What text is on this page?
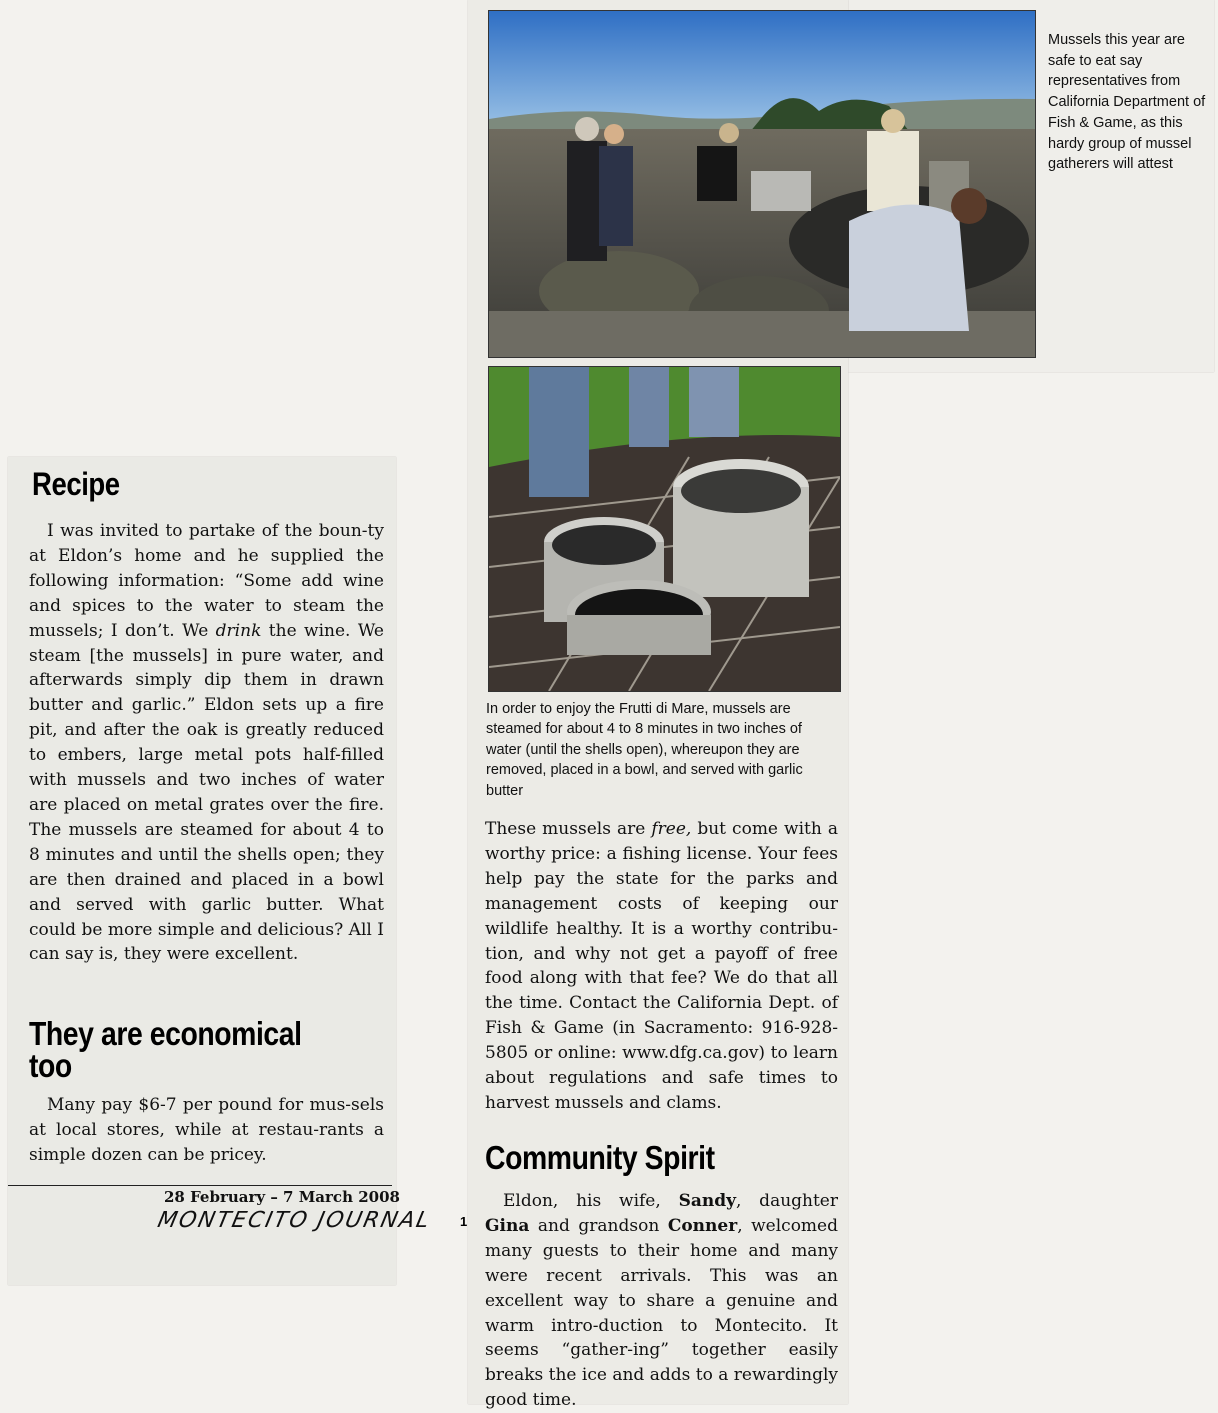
Mussels this year are safe to eat say representatives from California Department of Fish & Game, as this hardy group of mussel gatherers will attest
In order to enjoy the Frutti di Mare, mussels are steamed for about 4 to 8 minutes in two inches of water (until the shells open), whereupon they are removed, placed in a bowl, and served with garlic butter
Recipe

I was invited to partake of the boun-ty at Eldon’s home and he supplied the following information: “Some add wine and spices to the water to steam the mussels; I don’t. We drink the wine. We steam [the mussels] in pure water, and afterwards simply dip them in drawn butter and garlic.” Eldon sets up a fire pit, and after the oak is greatly reduced to embers, large metal pots half-filled with mussels and two inches of water are placed on metal grates over the fire. The mussels are steamed for about 4 to 8 minutes and until the shells open; they are then drained and placed in a bowl and served with garlic butter. What could be more simple and delicious? All I can say is, they were excellent.

They are economical too

Many pay $6-7 per pound for mus-sels at local stores, while at restau-rants a simple dozen can be pricey.

28 February – 7 March 2008
MONTECITO JOURNAL 1

These mussels are free, but come with a worthy price: a fishing license. Your fees help pay the state for the parks and management costs of keeping our wildlife healthy. It is a worthy contribu-tion, and why not get a payoff of free food along with that fee? We do that all the time. Contact the California Dept. of Fish & Game (in Sacramento: 916-928-5805 or online: www.dfg.ca.gov) to learn about regulations and safe times to harvest mussels and clams.

Community Spirit

Eldon, his wife, Sandy, daughter Gina and grandson Conner, welcomed many guests to their home and many were recent arrivals. This was an excellent way to share a genuine and warm intro-duction to Montecito. It seems “gather-ing” together easily breaks the ice and adds to a rewardingly good time.
